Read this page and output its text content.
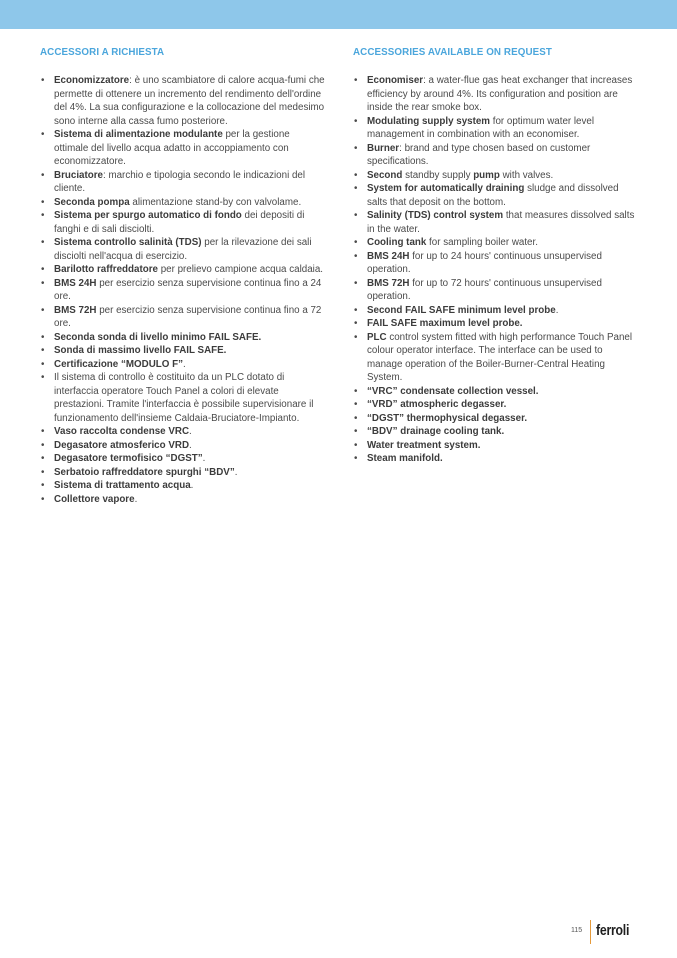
ACCESSORI A RICHIESTA
• Economizzatore: è uno scambiatore di calore acqua-fumi che permette di ottenere un incremento del rendimento dell'ordine del 4%. La sua configurazione e la collocazione del medesimo sono interne alla cassa fumo posteriore.
• Sistema di alimentazione modulante per la gestione ottimale del livello acqua adatto in accoppiamento con economizzatore.
• Bruciatore: marchio e tipologia secondo le indicazioni del cliente.
• Seconda pompa alimentazione stand-by con valvolame.
• Sistema per spurgo automatico di fondo dei depositi di fanghi e di sali disciolti.
• Sistema controllo salinità (TDS) per la rilevazione dei sali disciolti nell'acqua di esercizio.
• Barilotto raffreddatore per prelievo campione acqua caldaia.
• BMS 24H per esercizio senza supervisione continua fino a 24 ore.
• BMS 72H per esercizio senza supervisione continua fino a 72 ore.
• Seconda sonda di livello minimo FAIL SAFE.
• Sonda di massimo livello FAIL SAFE.
• Certificazione “MODULO F”.
• Il sistema di controllo è costituito da un PLC dotato di interfaccia operatore Touch Panel a colori di elevate prestazioni. Tramite l'interfaccia è possibile supervisionare il funzionamento dell'insieme Caldaia-Bruciatore-Impianto.
• Vaso raccolta condense VRC.
• Degasatore atmosferico VRD.
• Degasatore termofisico “DGST”.
• Serbatoio raffreddatore spurghi “BDV”.
• Sistema di trattamento acqua.
• Collettore vapore.
ACCESSORIES AVAILABLE ON REQUEST
• Economiser: a water-flue gas heat exchanger that increases efficiency by around 4%. Its configuration and position are inside the rear smoke box.
• Modulating supply system for optimum water level management in combination with an economiser.
• Burner: brand and type chosen based on customer specifications.
• Second standby supply pump with valves.
• System for automatically draining sludge and dissolved salts that deposit on the bottom.
• Salinity (TDS) control system that measures dissolved salts in the water.
• Cooling tank for sampling boiler water.
• BMS 24H for up to 24 hours' continuous unsupervised operation.
• BMS 72H for up to 72 hours' continuous unsupervised operation.
• Second FAIL SAFE minimum level probe.
• FAIL SAFE maximum level probe.
• PLC control system fitted with high performance Touch Panel colour operator interface. The interface can be used to manage operation of the Boiler-Burner-Central Heating System.
• “VRC” condensate collection vessel.
• “VRD” atmospheric degasser.
• “DGST” thermophysical degasser.
• “BDV” drainage cooling tank.
• Water treatment system.
• Steam manifold.
115 ferroli
